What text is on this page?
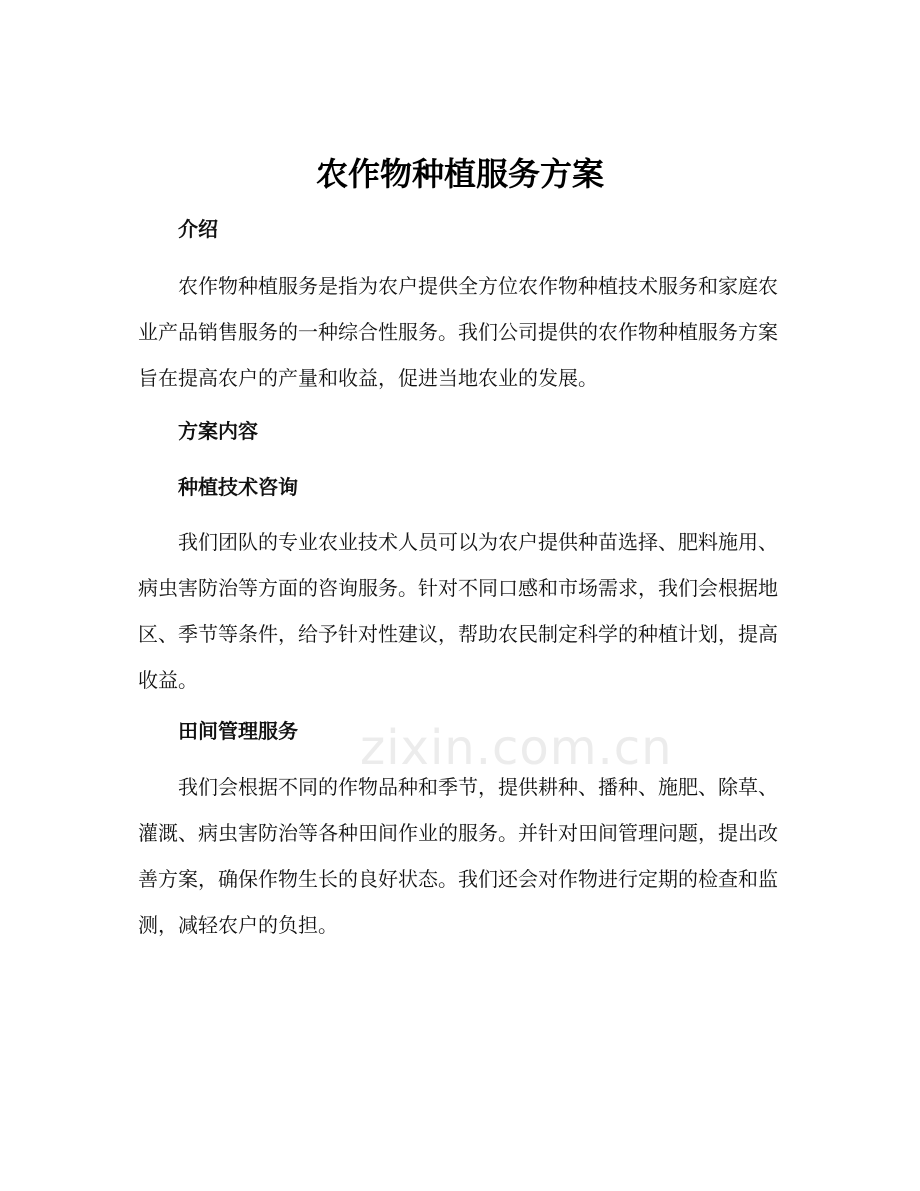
农作物种植服务方案
介绍

农作物种植服务是指为农户提供全方位农作物种植技术服务和家庭农业产品销售服务的一种综合性服务。我们公司提供的农作物种植服务方案旨在提高农户的产量和收益，促进当地农业的发展。

方案内容
种植技术咨询

我们团队的专业农业技术人员可以为农户提供种苗选择、肥料施用、病虫害防治等方面的咨询服务。针对不同口感和市场需求，我们会根据地区、季节等条件，给予针对性建议，帮助农民制定科学的种植计划，提高收益。

田间管理服务

我们会根据不同的作物品种和季节，提供耕种、播种、施肥、除草、灌溉、病虫害防治等各种田间作业的服务。并针对田间管理问题，提出改善方案，确保作物生长的良好状态。我们还会对作物进行定期的检查和监测，减轻农户的负担。

zixin.com.cn
